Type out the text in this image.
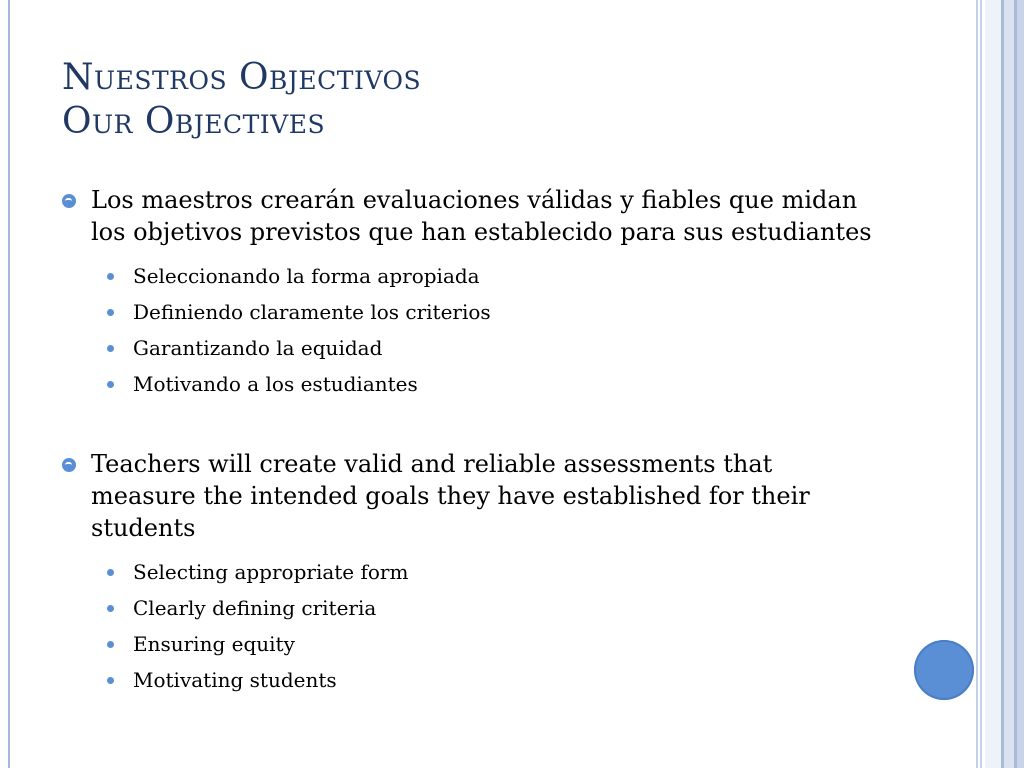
Nuestros Objectivos
Our Objectives
Los maestros crearán evaluaciones válidas y fiables que midan los objetivos previstos que han establecido para sus estudiantes
Seleccionando la forma apropiada
Definiendo claramente los criterios
Garantizando la equidad
Motivando a los estudiantes
Teachers will create valid and reliable assessments that measure the intended goals they have established for their students
Selecting appropriate form
Clearly defining criteria
Ensuring equity
Motivating students
